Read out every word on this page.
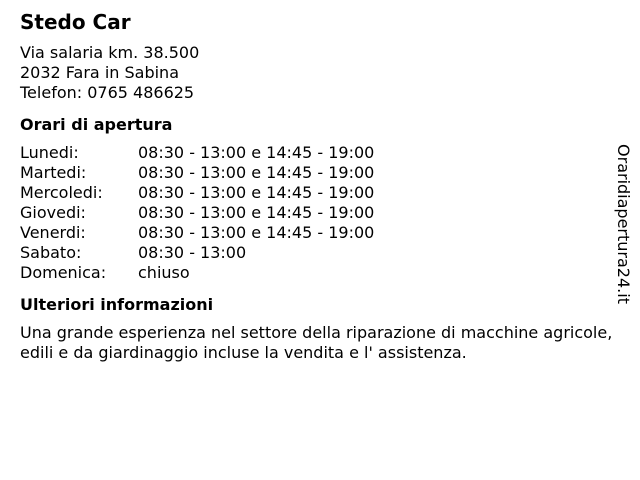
Stedo Car
Via salaria km. 38.500
2032 Fara in Sabina
Telefon: 0765 486625
Orari di apertura
Lunedi:	08:30 - 13:00 e 14:45 - 19:00
Martedi:	08:30 - 13:00 e 14:45 - 19:00
Mercoledi:	08:30 - 13:00 e 14:45 - 19:00
Giovedi:	08:30 - 13:00 e 14:45 - 19:00
Venerdi:	08:30 - 13:00 e 14:45 - 19:00
Sabato:	08:30 - 13:00
Domenica:	chiuso
Ulteriori informazioni
Una grande esperienza nel settore della riparazione di macchine agricole, edili e da giardinaggio incluse la vendita e l' assistenza.
Oraridiapertura24.it
